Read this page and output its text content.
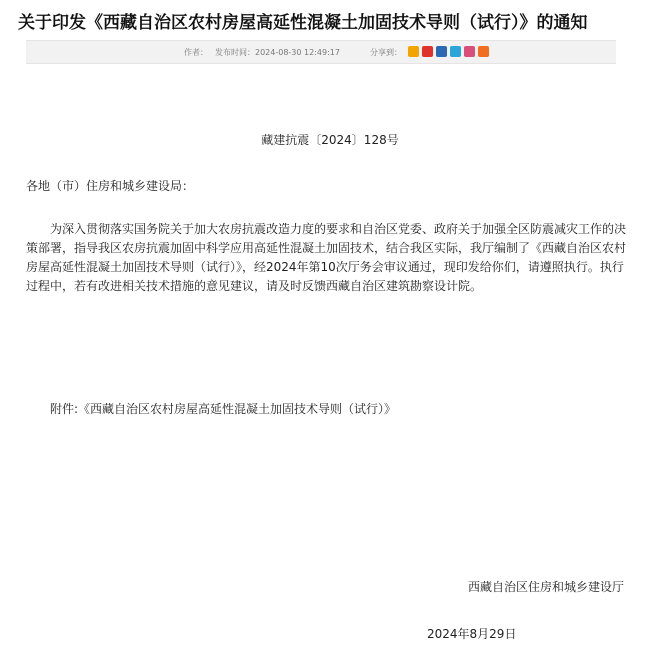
关于印发《西藏自治区农村房屋高延性混凝土加固技术导则（试行）》的通知
作者： 发布时间：2024-08-30 12:49:17	分享到：
藏建抗震〔2024〕128号
各地（市）住房和城乡建设局：
为深入贯彻落实国务院关于加大农房抗震改造力度的要求和自治区党委、政府关于加强全区防震减灾工作的决策部署，指导我区农房抗震加固中科学应用高延性混凝土加固技术，结合我区实际，我厅编制了《西藏自治区农村房屋高延性混凝土加固技术导则（试行）》，经2024年第10次厅务会审议通过，现印发给你们，请遵照执行。执行过程中，若有改进相关技术措施的意见建议，请及时反馈西藏自治区建筑勘察设计院。
附件:《西藏自治区农村房屋高延性混凝土加固技术导则（试行）》
西藏自治区住房和城乡建设厅
2024年8月29日
